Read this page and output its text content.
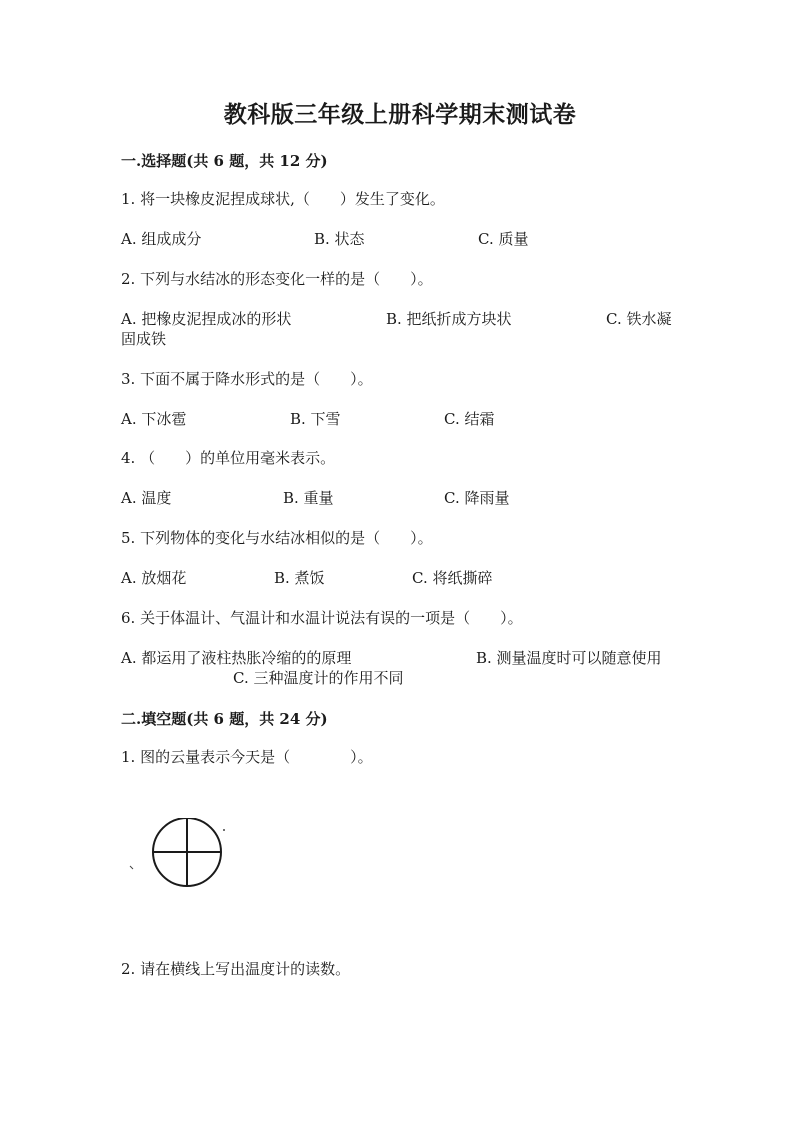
教科版三年级上册科学期末测试卷
一.选择题(共 6 题，共 12 分)
1. 将一块橡皮泥捏成球状,（　　）发生了变化。
A. 组成成分	B. 状态	C. 质量
2. 下列与水结冰的形态变化一样的是（　　）。
A. 把橡皮泥捏成冰的形状	B. 把纸折成方块状	C. 铁水凝
固成铁
3. 下面不属于降水形式的是（　　）。
A. 下冰雹	B. 下雪	C. 结霜
4. （　　）的单位用毫米表示。
A. 温度	B. 重量	C. 降雨量
5. 下列物体的变化与水结冰相似的是（　　）。
A. 放烟花	B. 煮饭	C. 将纸撕碎
6. 关于体温计、气温计和水温计说法有误的一项是（　　）。
A. 都运用了液柱热胀冷缩的的原理	B. 测量温度时可以随意使用
C. 三种温度计的作用不同
二.填空题(共 6 题，共 24 分)
1. 图的云量表示今天是（　　　　）。
2. 请在横线上写出温度计的读数。
